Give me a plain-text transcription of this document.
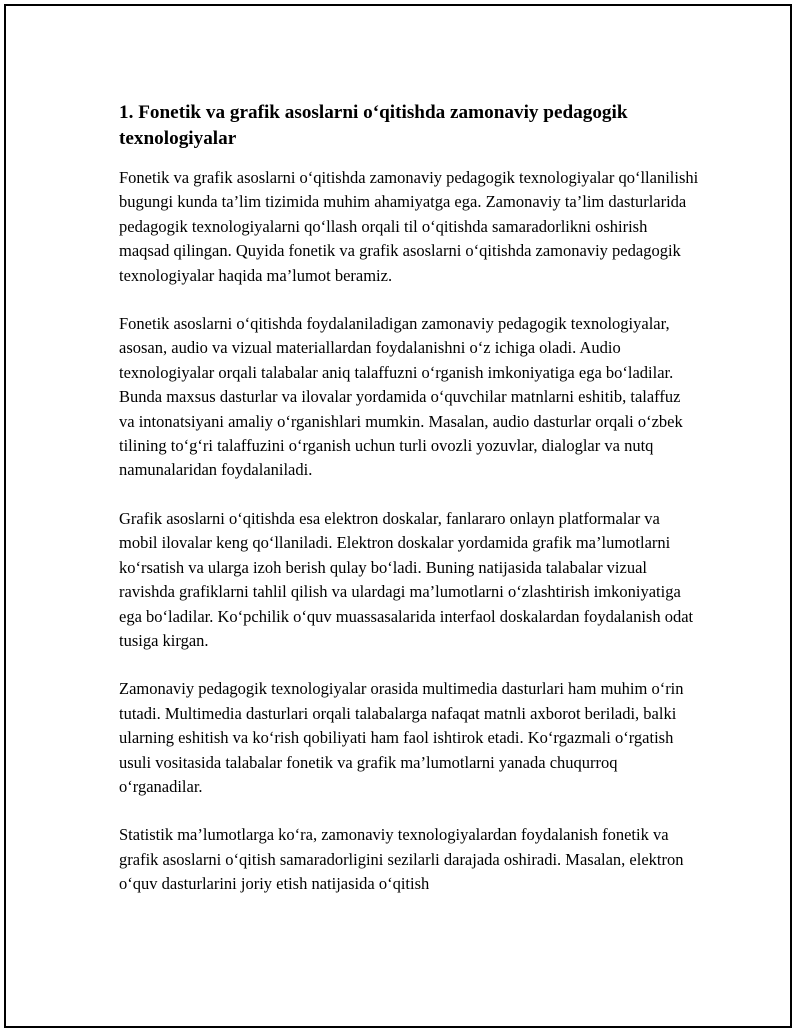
1. Fonetik va grafik asoslarni o‘qitishda zamonaviy pedagogik texnologiyalar

Fonetik va grafik asoslarni o‘qitishda zamonaviy pedagogik texnologiyalar qo‘llanilishi bugungi kunda ta’lim tizimida muhim ahamiyatga ega. Zamonaviy ta’lim dasturlarida pedagogik texnologiyalarni qo‘llash orqali til o‘qitishda samaradorlikni oshirish maqsad qilingan. Quyida fonetik va grafik asoslarni o‘qitishda zamonaviy pedagogik texnologiyalar haqida ma’lumot beramiz.

Fonetik asoslarni o‘qitishda foydalaniladigan zamonaviy pedagogik texnologiyalar, asosan, audio va vizual materiallardan foydalanishni o‘z ichiga oladi. Audio texnologiyalar orqali talabalar aniq talaffuzni o‘rganish imkoniyatiga ega bo‘ladilar. Bunda maxsus dasturlar va ilovalar yordamida o‘quvchilar matnlarni eshitib, talaffuz va intonatsiyani amaliy o‘rganishlari mumkin. Masalan, audio dasturlar orqali o‘zbek tilining to‘g‘ri talaffuzini o‘rganish uchun turli ovozli yozuvlar, dialoglar va nutq namunalaridan foydalaniladi.

Grafik asoslarni o‘qitishda esa elektron doskalar, fanlararo onlayn platformalar va mobil ilovalar keng qo‘llaniladi. Elektron doskalar yordamida grafik ma’lumotlarni ko‘rsatish va ularga izoh berish qulay bo‘ladi. Buning natijasida talabalar vizual ravishda grafiklarni tahlil qilish va ulardagi ma’lumotlarni o‘zlashtirish imkoniyatiga ega bo‘ladilar. Ko‘pchilik o‘quv muassasalarida interfaol doskalardan foydalanish odat tusiga kirgan.

Zamonaviy pedagogik texnologiyalar orasida multimedia dasturlari ham muhim o‘rin tutadi. Multimedia dasturlari orqali talabalarga nafaqat matnli axborot beriladi, balki ularning eshitish va ko‘rish qobiliyati ham faol ishtirok etadi. Ko‘rgazmali o‘rgatish usuli vositasida talabalar fonetik va grafik ma’lumotlarni yanada chuqurroq o‘rganadilar.

Statistik ma’lumotlarga ko‘ra, zamonaviy texnologiyalardan foydalanish fonetik va grafik asoslarni o‘qitish samaradorligini sezilarli darajada oshiradi. Masalan, elektron o‘quv dasturlarini joriy etish natijasida o‘qitish
